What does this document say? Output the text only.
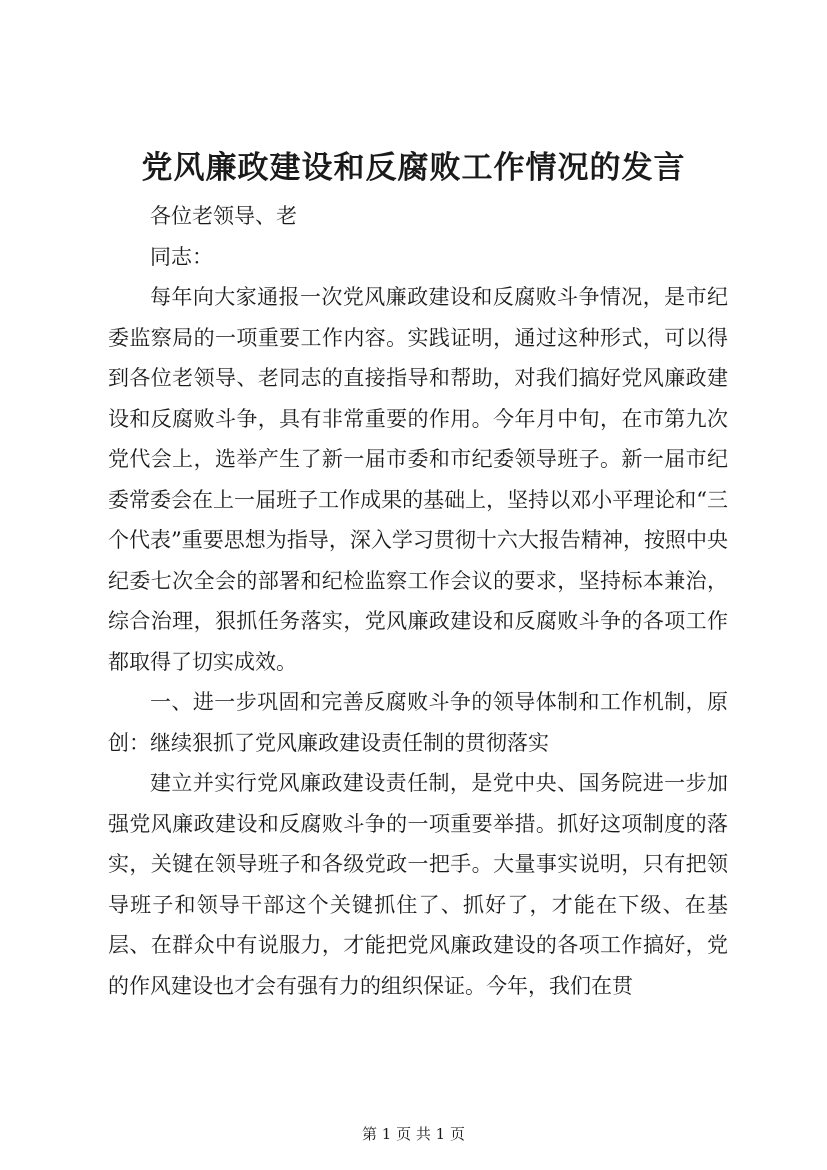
党风廉政建设和反腐败工作情况的发言

各位老领导、老

同志：

每年向大家通报一次党风廉政建设和反腐败斗争情况，是市纪委监察局的一项重要工作内容。实践证明，通过这种形式，可以得到各位老领导、老同志的直接指导和帮助，对我们搞好党风廉政建设和反腐败斗争，具有非常重要的作用。今年月中旬，在市第九次党代会上，选举产生了新一届市委和市纪委领导班子。新一届市纪委常委会在上一届班子工作成果的基础上，坚持以邓小平理论和“三个代表”重要思想为指导，深入学习贯彻十六大报告精神，按照中央纪委七次全会的部署和纪检监察工作会议的要求，坚持标本兼治，综合治理，狠抓任务落实，党风廉政建设和反腐败斗争的各项工作都取得了切实成效。

一、进一步巩固和完善反腐败斗争的领导体制和工作机制，原创：继续狠抓了党风廉政建设责任制的贯彻落实

建立并实行党风廉政建设责任制，是党中央、国务院进一步加强党风廉政建设和反腐败斗争的一项重要举措。抓好这项制度的落实，关键在领导班子和各级党政一把手。大量事实说明，只有把领导班子和领导干部这个关键抓住了、抓好了，才能在下级、在基层、在群众中有说服力，才能把党风廉政建设的各项工作搞好，党的作风建设也才会有强有力的组织保证。今年，我们在贯

第 1 页 共 1 页
